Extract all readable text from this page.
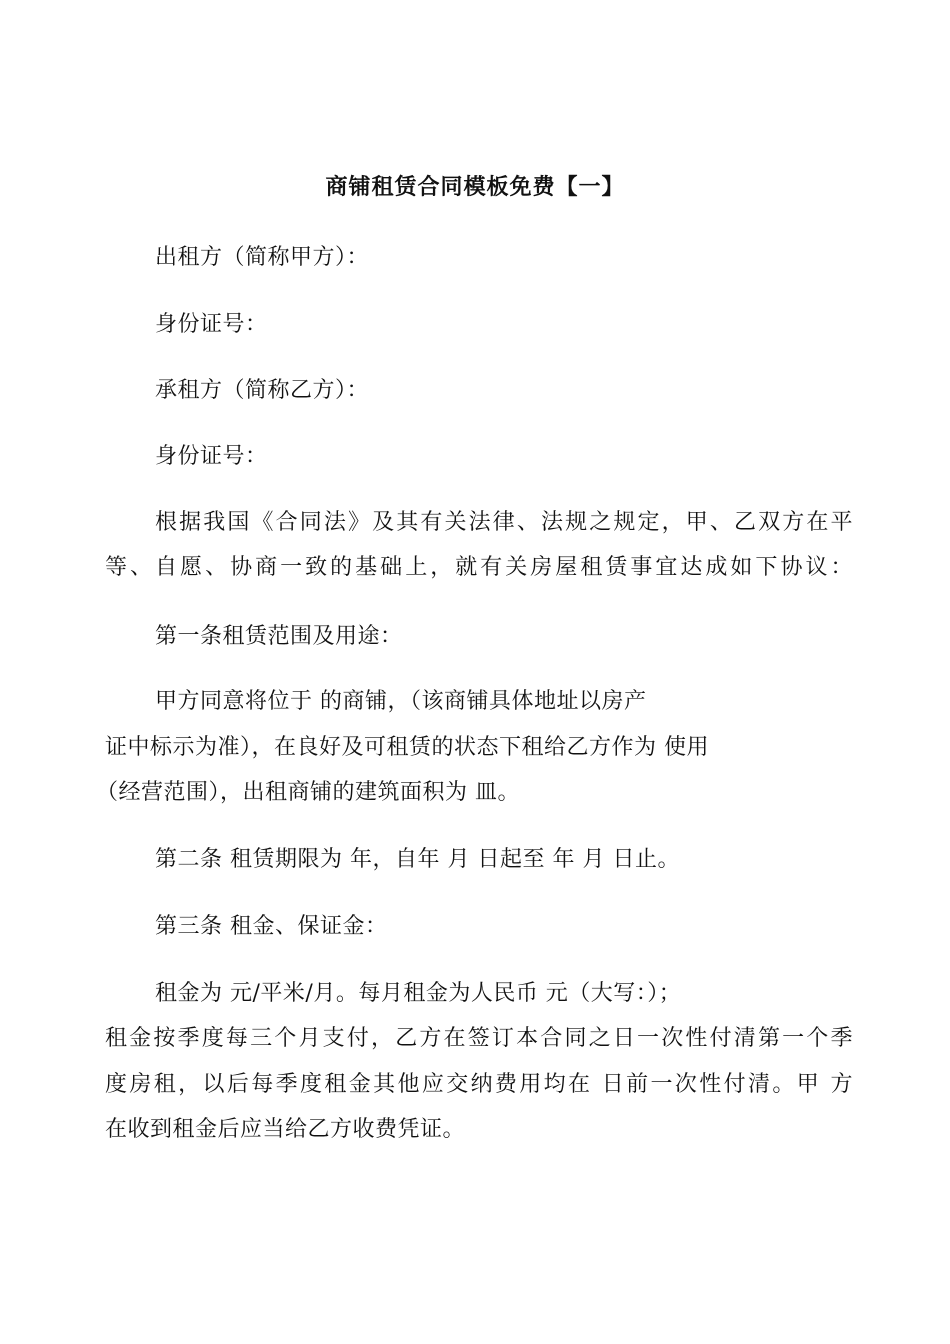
商铺租赁合同模板免费【一】
出租方（简称甲方）：
身份证号：
承租方（简称乙方）：
身份证号：
根据我国《合同法》及其有关法律、法规之规定，甲、乙双方在平
等、自愿、协商一致的基础上，就有关房屋租赁事宜达成如下协议：
第一条租赁范围及用途：
甲方同意将位于 的商铺，（该商铺具体地址以房产
证中标示为准），在良好及可租赁的状态下租给乙方作为 使用
（经营范围），出租商铺的建筑面积为 皿。
第二条 租赁期限为 年，自年 月 日起至 年 月 日止。
第三条 租金、保证金：
租金为 元/平米/月。每月租金为人民币 元（大写：）；
租金按季度每三个月支付，乙方在签订本合同之日一次性付清第一个季
度房租，以后每季度租金其他应交纳费用均在 日前一次性付清。甲 方
在收到租金后应当给乙方收费凭证。
